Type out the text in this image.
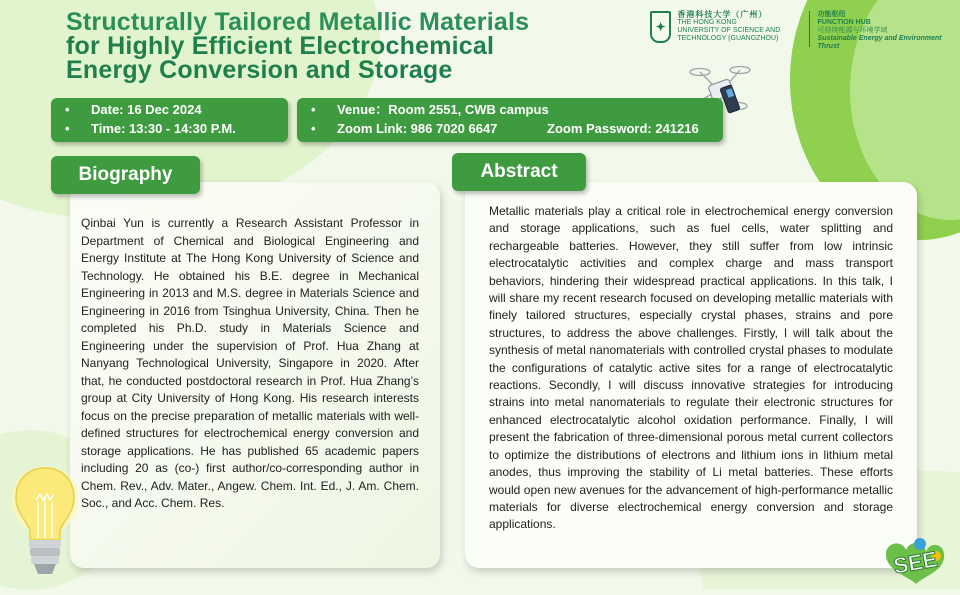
Structurally Tailored Metallic Materials
for Highly Efficient Electrochemical
Energy Conversion and Storage
✦
香港科技大学（广州）
THE HONG KONG
UNIVERSITY OF SCIENCE AND
TECHNOLOGY (GUANGZHOU)
功能枢纽
FUNCTION HUB
可持续能源与环境学域
Sustainable Energy and Environment Thrust
• Date: 16 Dec 2024
• Time: 13:30 - 14:30 P.M.
• Venue：Room 2551, CWB campus
• Zoom Link: 986 7020 6647	Zoom Password: 241216
Biography	Abstract
Qinbai Yun is currently a Research Assistant Professor in Department of Chemical and Biological Engineering and Energy Institute at The Hong Kong University of Science and Technology. He obtained his B.E. degree in Mechanical Engineering in 2013 and M.S. degree in Materials Science and Engineering in 2016 from Tsinghua University, China. Then he completed his Ph.D. study in Materials Science and Engineering under the supervision of Prof. Hua Zhang at Nanyang Technological University, Singapore in 2020. After that, he conducted postdoctoral research in Prof. Hua Zhang’s group at City University of Hong Kong. His research interests focus on the precise preparation of metallic materials with well-defined structures for electrochemical energy conversion and storage applications. He has published 65 academic papers including 20 as (co-) first author/co-corresponding author in Chem. Rev., Adv. Mater., Angew. Chem. Int. Ed., J. Am. Chem. Soc., and Acc. Chem. Res.
Metallic materials play a critical role in electrochemical energy conversion and storage applications, such as fuel cells, water splitting and rechargeable batteries. However, they still suffer from low intrinsic electrocatalytic activities and complex charge and mass transport behaviors, hindering their widespread practical applications. In this talk, I will share my recent research focused on developing metallic materials with finely tailored structures, especially crystal phases, strains and pore structures, to address the above challenges. Firstly, I will talk about the synthesis of metal nanomaterials with controlled crystal phases to modulate the configurations of catalytic active sites for a range of electrocatalytic reactions. Secondly, I will discuss innovative strategies for introducing strains into metal nanomaterials to regulate their electronic structures for enhanced electrocatalytic alcohol oxidation performance. Finally, I will present the fabrication of three-dimensional porous metal current collectors to optimize the distributions of electrons and lithium ions in lithium metal anodes, thus improving the stability of Li metal batteries. These efforts would open new avenues for the advancement of high-performance metallic materials for diverse electrochemical energy conversion and storage applications.
SEE
